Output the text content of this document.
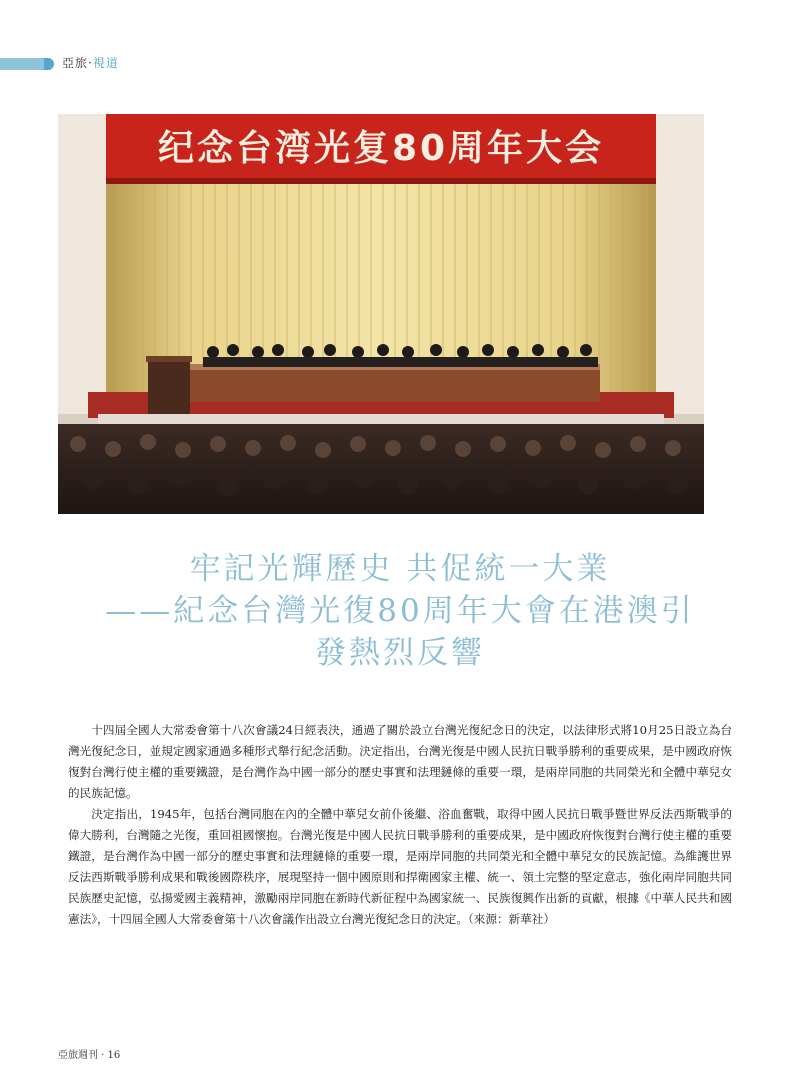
亞旅·視道
纪念台湾光复80周年大会
牢記光輝歷史 共促統一大業
——紀念台灣光復80周年大會在港澳引
發熱烈反響

十四屆全國人大常委會第十八次會議24日經表決，通過了關於設立台灣光復紀念日的決定，以法律形式將10月25日設立為台灣光復紀念日，並規定國家通過多種形式舉行紀念活動。決定指出，台灣光復是中國人民抗日戰爭勝利的重要成果，是中國政府恢復對台灣行使主權的重要鐵證，是台灣作為中國一部分的歷史事實和法理鏈條的重要一環，是兩岸同胞的共同榮光和全體中華兒女的民族記憶。

決定指出，1945年，包括台灣同胞在內的全體中華兒女前仆後繼、浴血奮戰，取得中國人民抗日戰爭暨世界反法西斯戰爭的偉大勝利，台灣隨之光復，重回祖國懷抱。台灣光復是中國人民抗日戰爭勝利的重要成果，是中國政府恢復對台灣行使主權的重要鐵證，是台灣作為中國一部分的歷史事實和法理鏈條的重要一環，是兩岸同胞的共同榮光和全體中華兒女的民族記憶。為維護世界反法西斯戰爭勝利成果和戰後國際秩序，展現堅持一個中國原則和捍衛國家主權、統一、領土完整的堅定意志，強化兩岸同胞共同民族歷史記憶，弘揚愛國主義精神，激勵兩岸同胞在新時代新征程中為國家統一、民族復興作出新的貢獻，根據《中華人民共和國憲法》，十四屆全國人大常委會第十八次會議作出設立台灣光復紀念日的決定。（來源：新華社）

亞旅週刊 · 16
